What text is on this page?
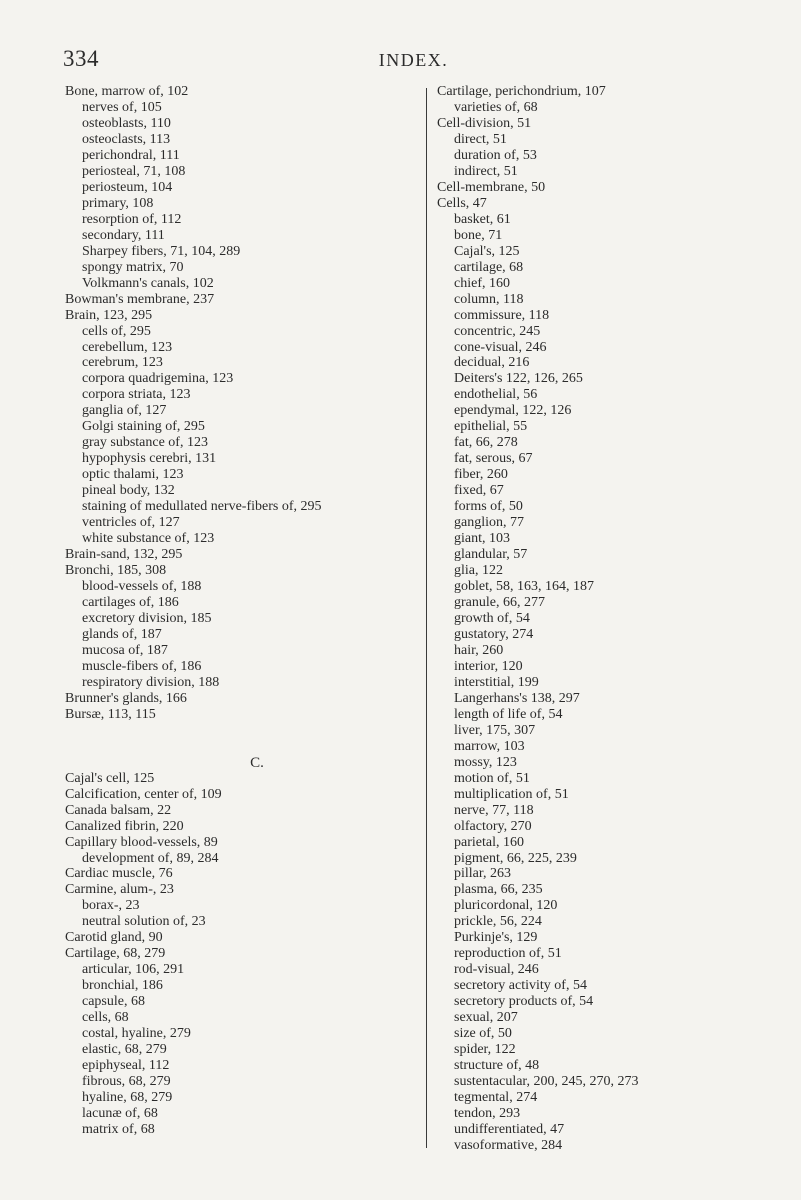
334	INDEX.
Bone, marrow of, 102
nerves of, 105
osteoblasts, 110
osteoclasts, 113
perichondral, 111
periosteal, 71, 108
periosteum, 104
primary, 108
resorption of, 112
secondary, 111
Sharpey fibers, 71, 104, 289
spongy matrix, 70
Volkmann's canals, 102
Bowman's membrane, 237
Brain, 123, 295
cells of, 295
cerebellum, 123
cerebrum, 123
corpora quadrigemina, 123
corpora striata, 123
ganglia of, 127
Golgi staining of, 295
gray substance of, 123
hypophysis cerebri, 131
optic thalami, 123
pineal body, 132
staining of medullated nerve-fibers of, 295
ventricles of, 127
white substance of, 123
Brain-sand, 132, 295
Bronchi, 185, 308
blood-vessels of, 188
cartilages of, 186
excretory division, 185
glands of, 187
mucosa of, 187
muscle-fibers of, 186
respiratory division, 188
Brunner's glands, 166
Bursæ, 113, 115
C.
Cajal's cell, 125
Calcification, center of, 109
Canada balsam, 22
Canalized fibrin, 220
Capillary blood-vessels, 89
development of, 89, 284
Cardiac muscle, 76
Carmine, alum-, 23
borax-, 23
neutral solution of, 23
Carotid gland, 90
Cartilage, 68, 279
articular, 106, 291
bronchial, 186
capsule, 68
cells, 68
costal, hyaline, 279
elastic, 68, 279
epiphyseal, 112
fibrous, 68, 279
hyaline, 68, 279
lacunæ of, 68
matrix of, 68
Cartilage, perichondrium, 107
varieties of, 68
Cell-division, 51
direct, 51
duration of, 53
indirect, 51
Cell-membrane, 50
Cells, 47
basket, 61
bone, 71
Cajal's, 125
cartilage, 68
chief, 160
column, 118
commissure, 118
concentric, 245
cone-visual, 246
decidual, 216
Deiters's 122, 126, 265
endothelial, 56
ependymal, 122, 126
epithelial, 55
fat, 66, 278
fat, serous, 67
fiber, 260
fixed, 67
forms of, 50
ganglion, 77
giant, 103
glandular, 57
glia, 122
goblet, 58, 163, 164, 187
granule, 66, 277
growth of, 54
gustatory, 274
hair, 260
interior, 120
interstitial, 199
Langerhans's 138, 297
length of life of, 54
liver, 175, 307
marrow, 103
mossy, 123
motion of, 51
multiplication of, 51
nerve, 77, 118
olfactory, 270
parietal, 160
pigment, 66, 225, 239
pillar, 263
plasma, 66, 235
pluricordonal, 120
prickle, 56, 224
Purkinje's, 129
reproduction of, 51
rod-visual, 246
secretory activity of, 54
secretory products of, 54
sexual, 207
size of, 50
spider, 122
structure of, 48
sustentacular, 200, 245, 270, 273
tegmental, 274
tendon, 293
undifferentiated, 47
vasoformative, 284
